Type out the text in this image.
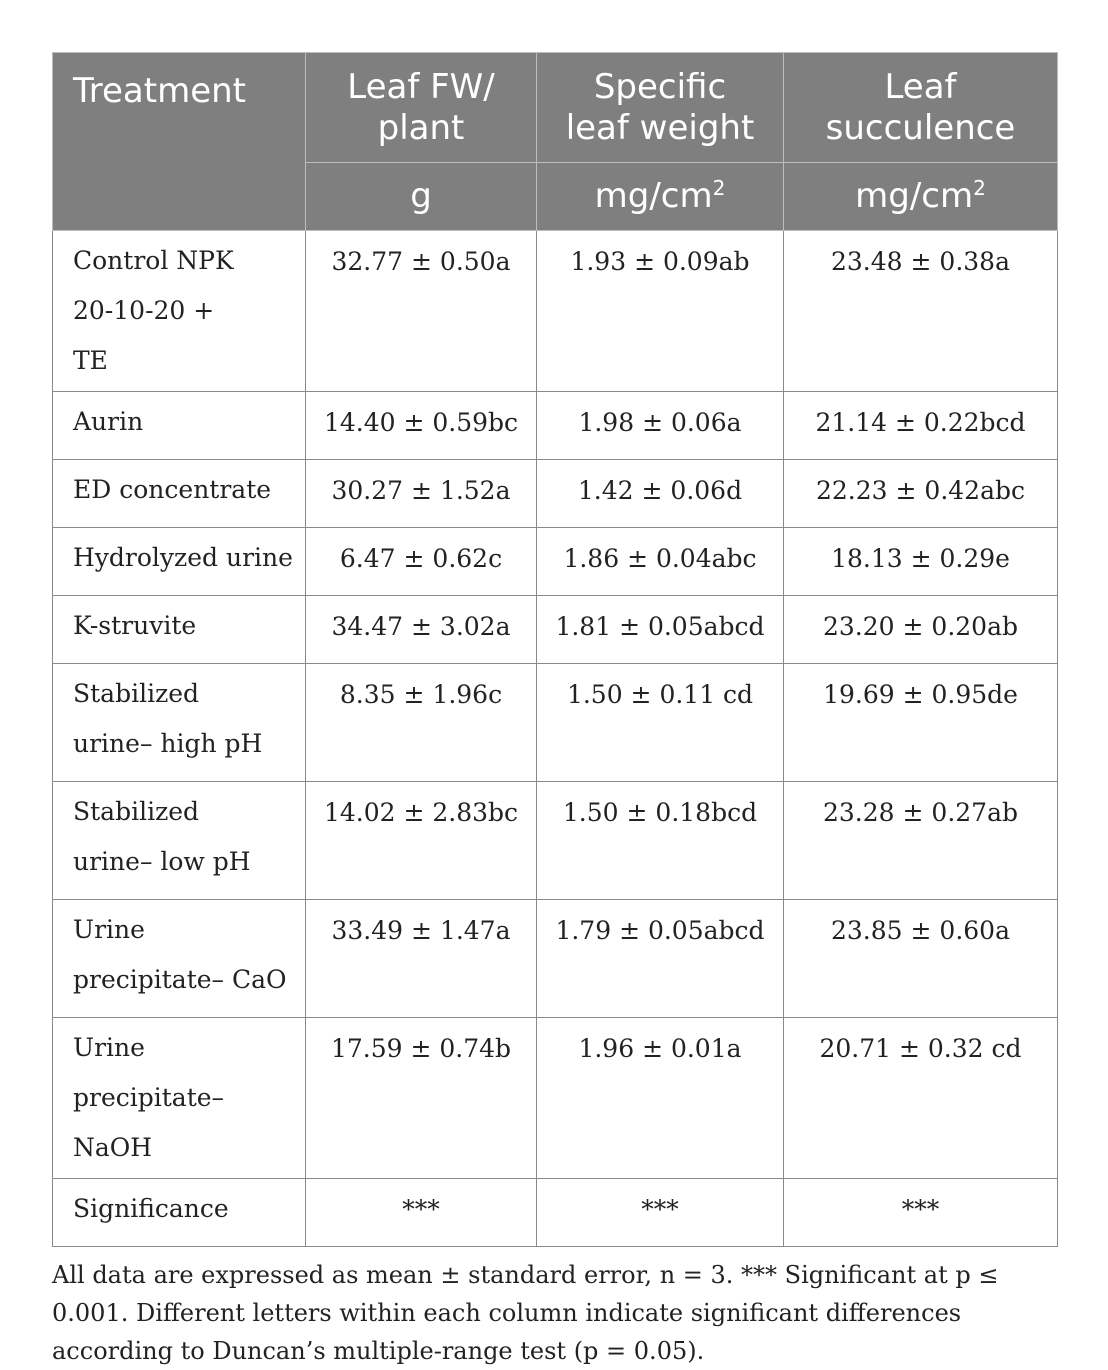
Treatment	Leaf FW/ plant	Specific leaf weight	Leaf succulence
	g	$mg/cm^2$	$mg/cm^2$
Control NPK 20-10-20 + TE	32.77 ± 0.50a	1.93 ± 0.09ab	23.48 ± 0.38a
Aurin	14.40 ± 0.59bc	1.98 ± 0.06a	21.14 ± 0.22bcd
ED concentrate	30.27 ± 1.52a	1.42 ± 0.06d	22.23 ± 0.42abc
Hydrolyzed urine	6.47 ± 0.62c	1.86 ± 0.04abc	18.13 ± 0.29e
K-struvite	34.47 ± 3.02a	1.81 ± 0.05abcd	23.20 ± 0.20ab
Stabilized urine– high pH	8.35 ± 1.96c	1.50 ± 0.11 cd	19.69 ± 0.95de
Stabilized urine– low pH	14.02 ± 2.83bc	1.50 ± 0.18bcd	23.28 ± 0.27ab
Urine precipitate– CaO	33.49 ± 1.47a	1.79 ± 0.05abcd	23.85 ± 0.60a
Urine precipitate– NaOH	17.59 ± 0.74b	1.96 ± 0.01a	20.71 ± 0.32 cd
Significance	***	***	***
All data are expressed as mean ± standard error, n = 3. *** Significant at p ≤ 0.001. Different letters within each column indicate significant differences according to Duncan’s multiple-range test (p = 0.05).
